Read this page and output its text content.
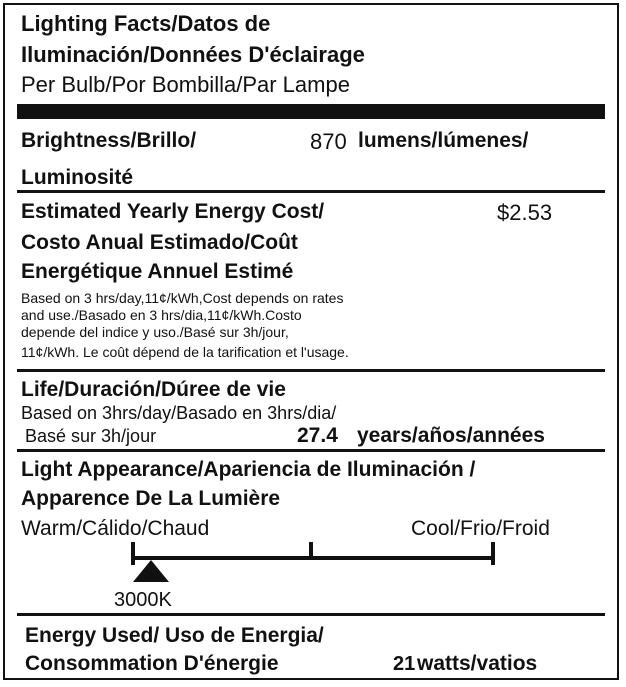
Lighting Facts/Datos de
Iluminación/Données D'éclairage
Per Bulb/Por Bombilla/Par Lampe
Brightness/Brillo/
Luminosité
870 lumens/lúmenes/
Estimated Yearly Energy Cost/
Costo Anual Estimado/Coût
Energétique Annuel Estimé
$2.53
Based on 3 hrs/day,11¢/kWh,Cost depends on rates
and use./Basado en 3 hrs/dia,11¢/kWh.Costo
depende del indice y uso./Basé sur 3h/jour,
11¢/kWh. Le coût dépend de la tarification et l'usage.
Life/Duración/Dúree de vie
Based on 3hrs/day/Basado en 3hrs/dia/
Basé sur 3h/jour	27.4 years/años/années
Light Appearance/Apariencia de Iluminación /
Apparence De La Lumière
Warm/Cálido/Chaud	Cool/Frio/Froid
3000K
Energy Used/ Uso de Energia/
Consommation D'énergie	21 watts/vatios
